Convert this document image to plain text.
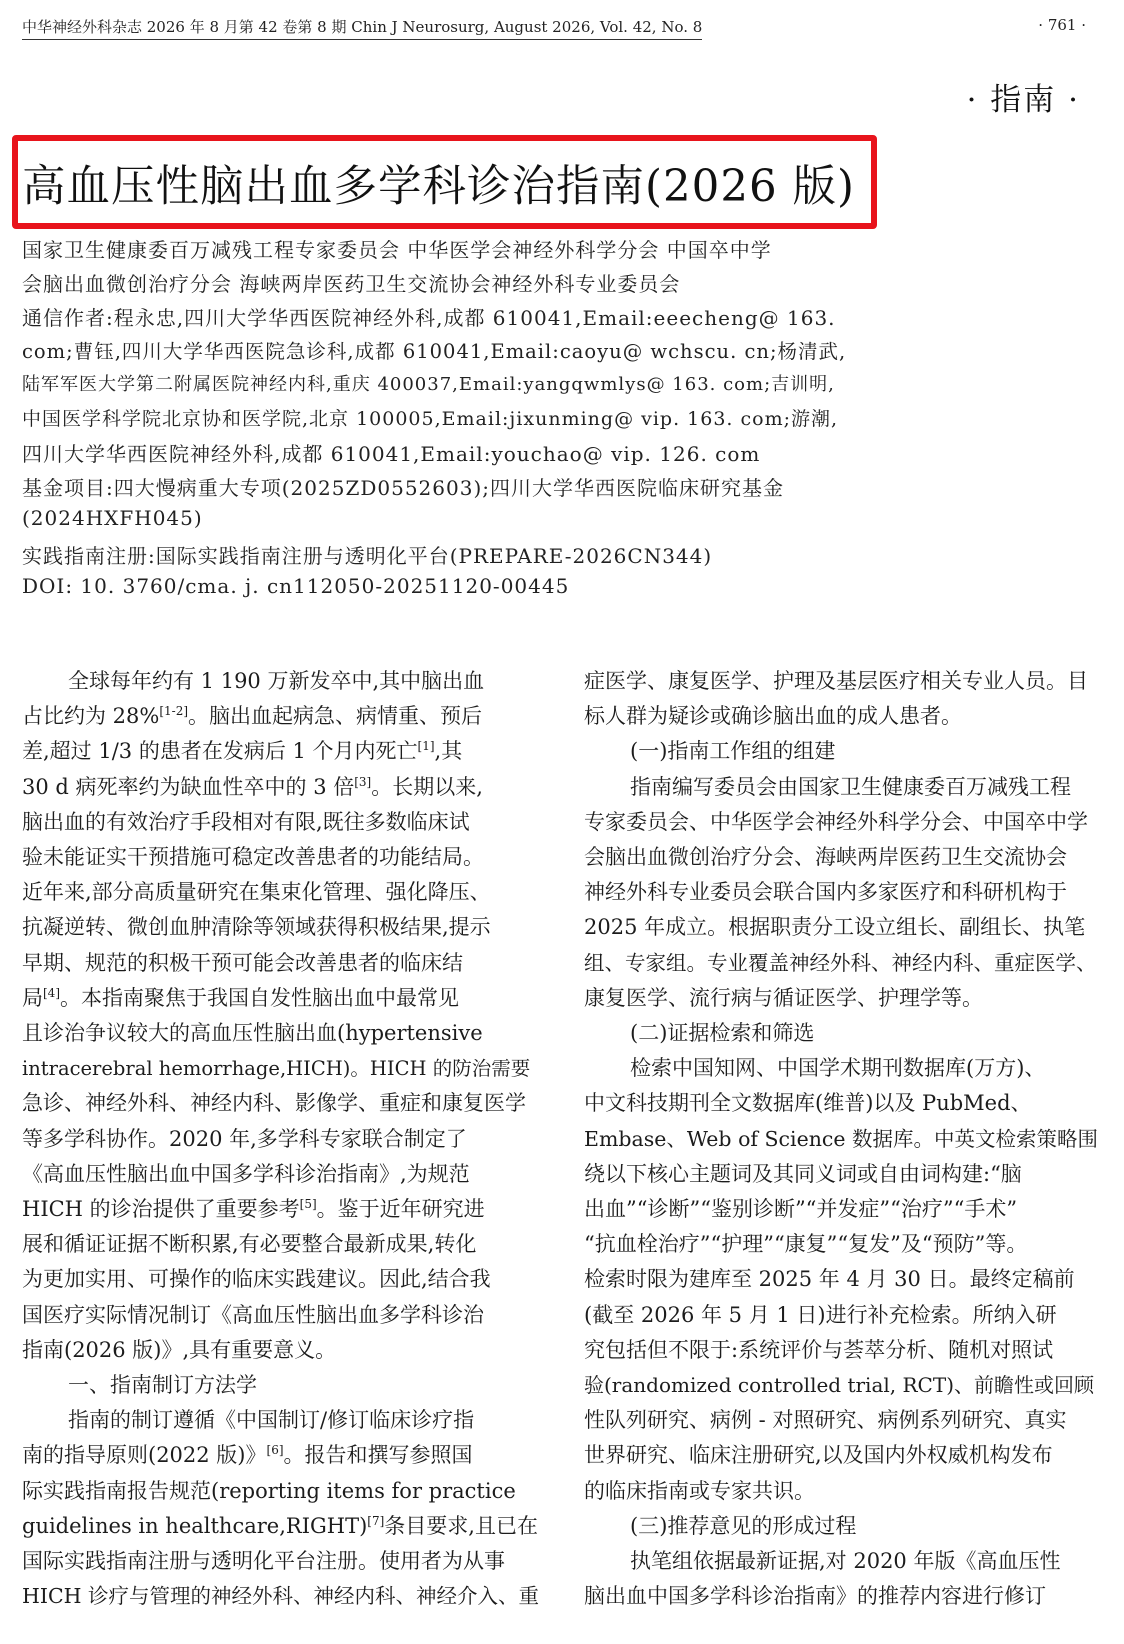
中华神经外科杂志 2026 年 8 月第 42 卷第 8 期 Chin J Neurosurg, August 2026, Vol. 42, No. 8	· 761 ·
· 指南 ·
高血压性脑出血多学科诊治指南(2026 版)
国家卫生健康委百万减残工程专家委员会 中华医学会神经外科学分会 中国卒中学
会脑出血微创治疗分会 海峡两岸医药卫生交流协会神经外科专业委员会
通信作者:程永忠,四川大学华西医院神经外科,成都 610041,Email:eeecheng@ 163.
com;曹钰,四川大学华西医院急诊科,成都 610041,Email:caoyu@ wchscu. cn;杨清武,
陆军军医大学第二附属医院神经内科,重庆 400037,Email:yangqwmlys@ 163. com;吉训明,
中国医学科学院北京协和医学院,北京 100005,Email:jixunming@ vip. 163. com;游潮,
四川大学华西医院神经外科,成都 610041,Email:youchao@ vip. 126. com
基金项目:四大慢病重大专项(2025ZD0552603);四川大学华西医院临床研究基金
(2024HXFH045)
实践指南注册:国际实践指南注册与透明化平台(PREPARE-2026CN344)
DOI: 10. 3760/cma. j. cn112050-20251120-00445

全球每年约有 1 190 万新发卒中,其中脑出血

占比约为 28%[1-2]。脑出血起病急、病情重、预后

差,超过 1/3 的患者在发病后 1 个月内死亡[1],其

30 d 病死率约为缺血性卒中的 3 倍[3]。长期以来,

脑出血的有效治疗手段相对有限,既往多数临床试

验未能证实干预措施可稳定改善患者的功能结局。

近年来,部分高质量研究在集束化管理、强化降压、

抗凝逆转、微创血肿清除等领域获得积极结果,提示

早期、规范的积极干预可能会改善患者的临床结

局[4]。本指南聚焦于我国自发性脑出血中最常见

且诊治争议较大的高血压性脑出血(hypertensive

intracerebral hemorrhage,HICH)。HICH 的防治需要

急诊、神经外科、神经内科、影像学、重症和康复医学

等多学科协作。2020 年,多学科专家联合制定了

《高血压性脑出血中国多学科诊治指南》,为规范

HICH 的诊治提供了重要参考[5]。鉴于近年研究进

展和循证证据不断积累,有必要整合最新成果,转化

为更加实用、可操作的临床实践建议。因此,结合我

国医疗实际情况制订《高血压性脑出血多学科诊治

指南(2026 版)》,具有重要意义。

一、指南制订方法学

指南的制订遵循《中国制订/修订临床诊疗指

南的指导原则(2022 版)》[6]。报告和撰写参照国

际实践指南报告规范(reporting items for practice

guidelines in healthcare,RIGHT)[7]条目要求,且已在

国际实践指南注册与透明化平台注册。使用者为从事

HICH 诊疗与管理的神经外科、神经内科、神经介入、重

症医学、康复医学、护理及基层医疗相关专业人员。目

标人群为疑诊或确诊脑出血的成人患者。

(一)指南工作组的组建

指南编写委员会由国家卫生健康委百万减残工程

专家委员会、中华医学会神经外科学分会、中国卒中学

会脑出血微创治疗分会、海峡两岸医药卫生交流协会

神经外科专业委员会联合国内多家医疗和科研机构于

2025 年成立。根据职责分工设立组长、副组长、执笔

组、专家组。专业覆盖神经外科、神经内科、重症医学、

康复医学、流行病与循证医学、护理学等。

(二)证据检索和筛选

检索中国知网、中国学术期刊数据库(万方)、

中文科技期刊全文数据库(维普)以及 PubMed、

Embase、Web of Science 数据库。中英文检索策略围

绕以下核心主题词及其同义词或自由词构建:“脑

出血”“诊断”“鉴别诊断”“并发症”“治疗”“手术”

“抗血栓治疗”“护理”“康复”“复发”及“预防”等。

检索时限为建库至 2025 年 4 月 30 日。最终定稿前

(截至 2026 年 5 月 1 日)进行补充检索。所纳入研

究包括但不限于:系统评价与荟萃分析、随机对照试

验(randomized controlled trial, RCT)、前瞻性或回顾

性队列研究、病例 - 对照研究、病例系列研究、真实

世界研究、临床注册研究,以及国内外权威机构发布

的临床指南或专家共识。

(三)推荐意见的形成过程

执笔组依据最新证据,对 2020 年版《高血压性

脑出血中国多学科诊治指南》的推荐内容进行修订
